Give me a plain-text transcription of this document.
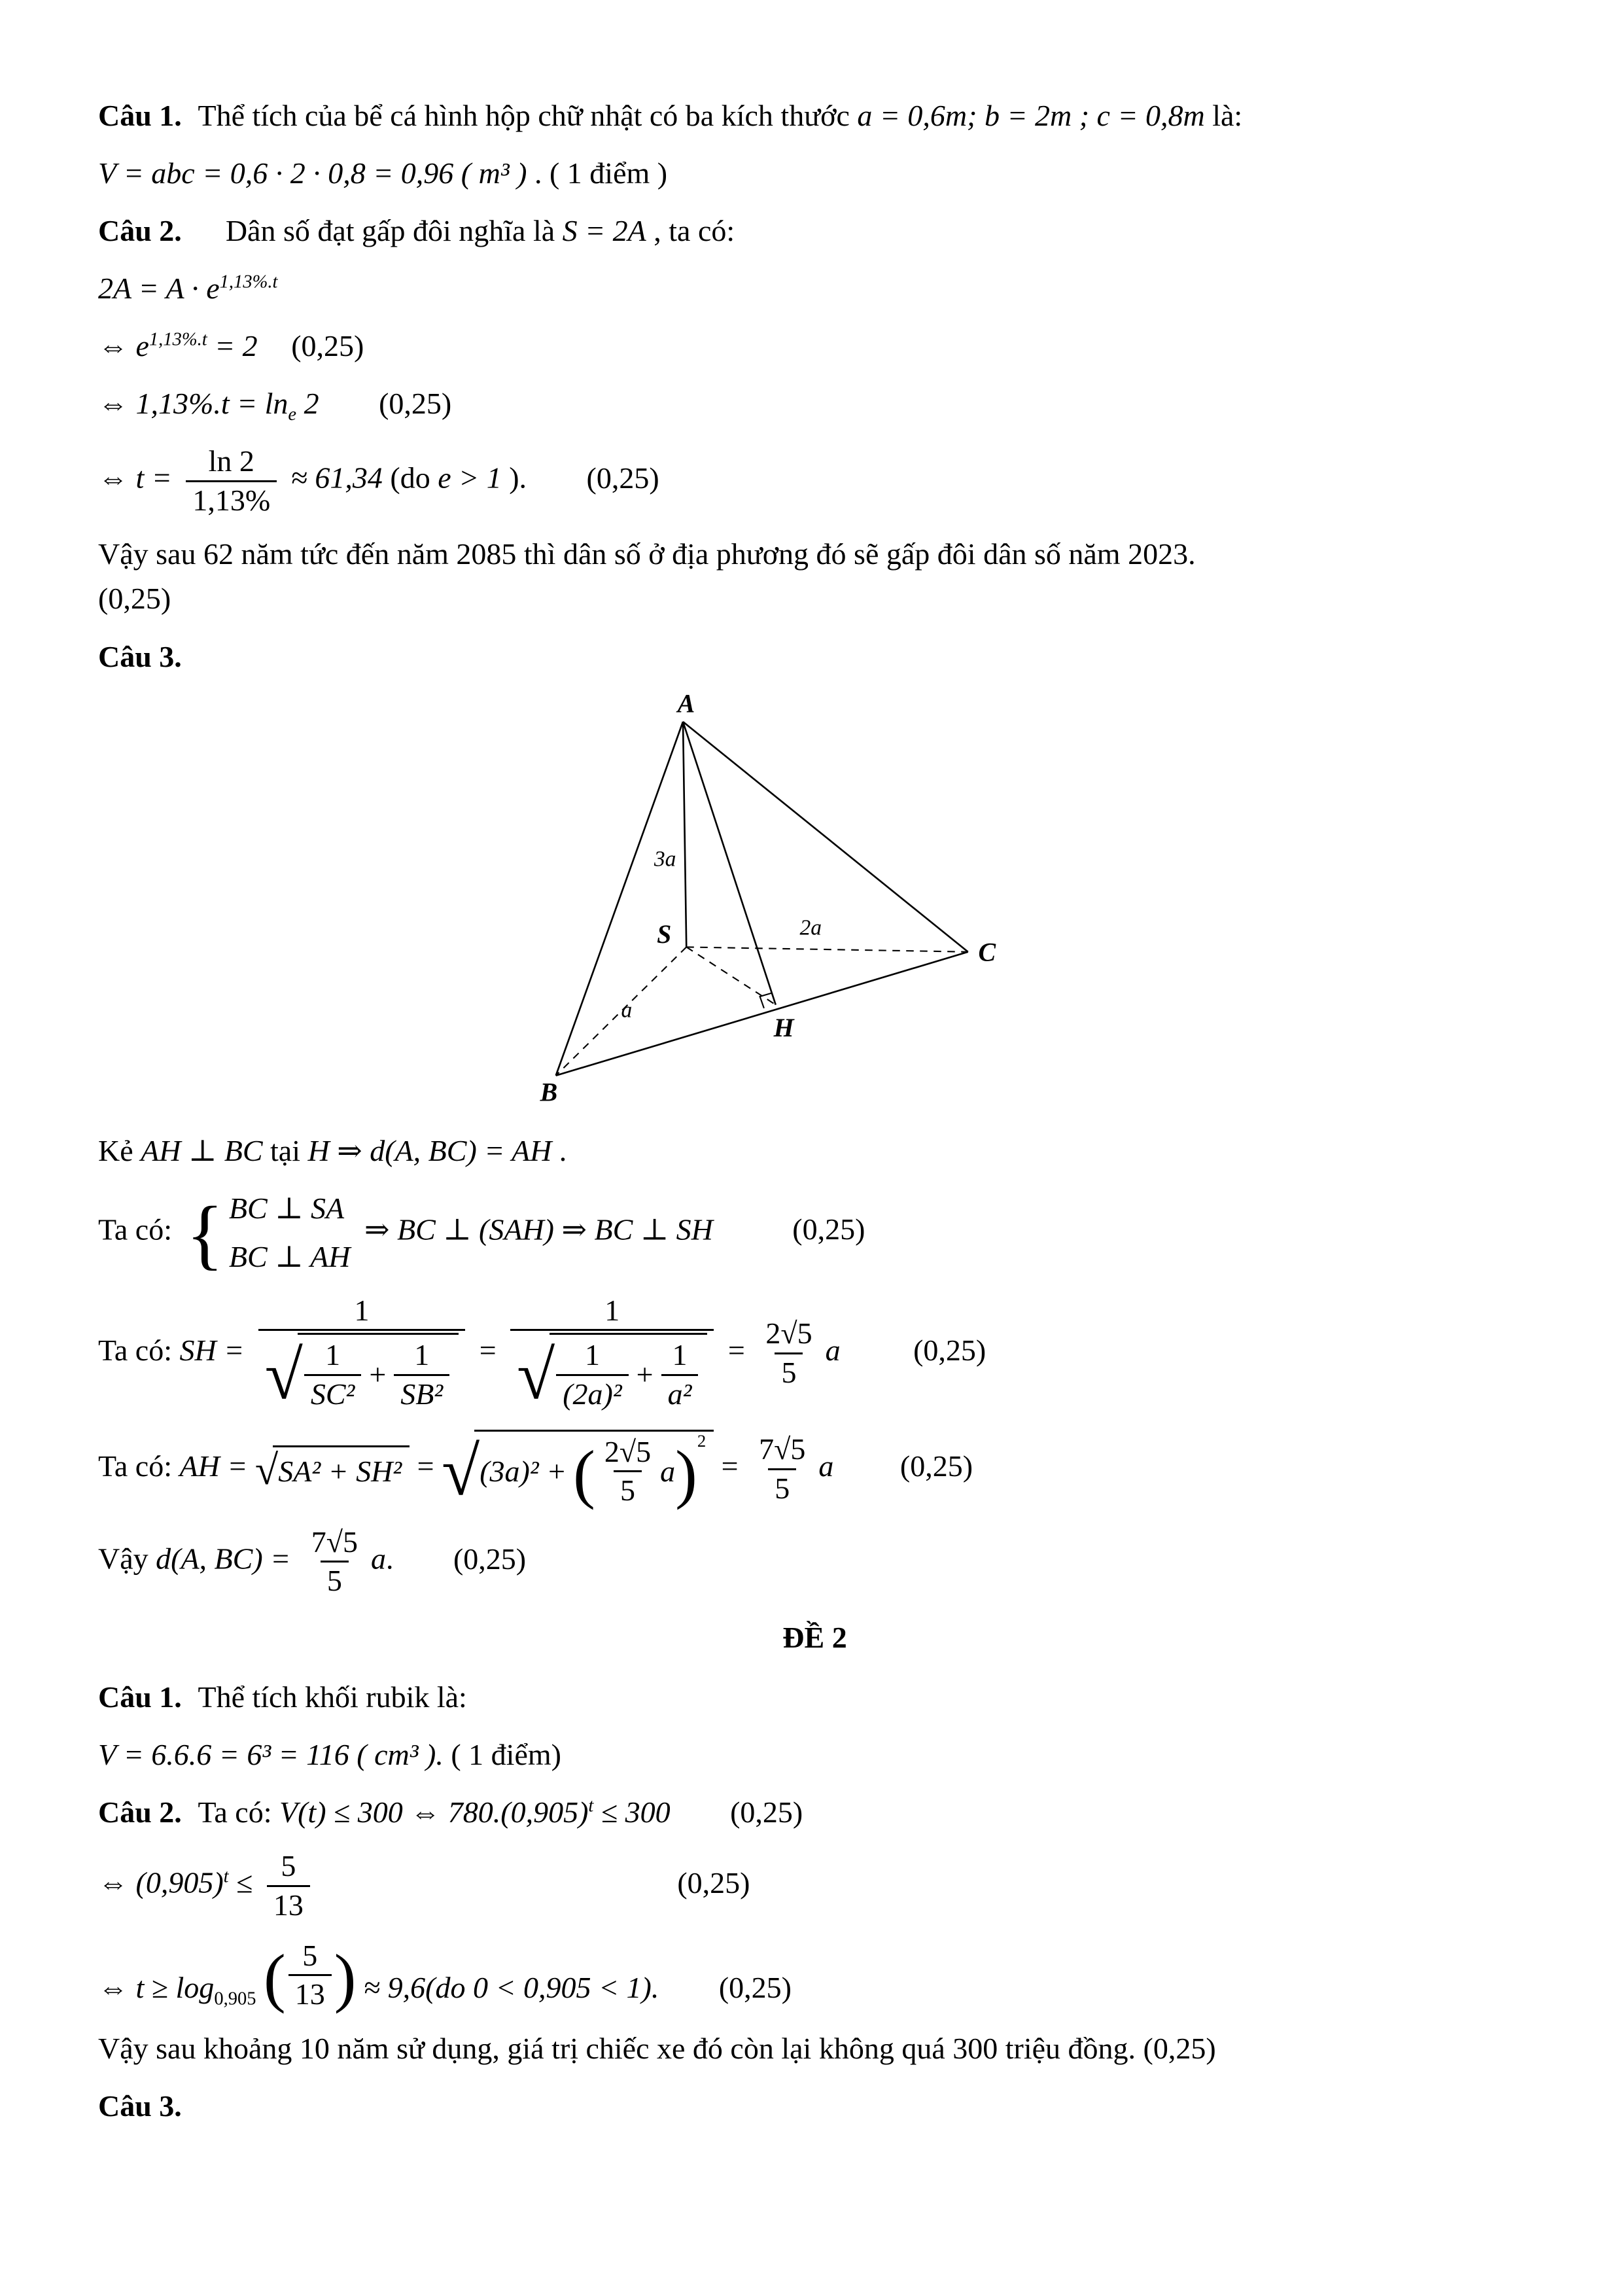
Câu 1. Thể tích của bể cá hình hộp chữ nhật có ba kích thước a = 0,6m; b = 2m ; c = 0,8m là:

V = abc = 0,6 · 2 · 0,8 = 0,96 ( m³ ) . ( 1 điểm )

Câu 2. Dân số đạt gấp đôi nghĩa là S = 2A , ta có:

$2A = A \cdot e^{1,13\%.t}$

⇔ $e^{1,13\%.t} = 2$ (0,25)

⇔ $1,13\%.t = \ln_e 2$ (0,25)

⇔ $t = \frac{\ln 2}{1,13\%} \approx 61,34$ (do e > 1 ). (0,25)

Vậy sau 62 năm tức đến năm 2085 thì dân số ở địa phương đó sẽ gấp đôi dân số năm 2023.

(0,25)

Câu 3.

A
B
C
S
H
3a
2a
a

Kẻ AH ⊥ BC tại H ⇒ d(A, BC) = AH .

Ta có: { BC ⊥ SA
BC ⊥ AH
⇒ BC ⊥ (SAH) ⇒ BC ⊥ SH	(0,25)

Ta có: SH =
1
√ $\frac{1}{\text{SC²}} + \frac{1}{\text{SB²}}$ =
1
√ $\frac{1}{\text{(2a)²}} + \frac{1}{\text{a²}} = \frac{2√5}{5}$ a (0,25)

Ta có: AH = √ SA² + SH² = √ (3a)² + ( $\frac{2√5}{5}$ a )$^2$
= $\frac{7√5}{5}$ a (0,25)

Vậy d(A, $BC) = \frac{7√5}{5} a$. (0,25)

ĐỀ 2

Câu 1. Thể tích khối rubik là:

V = 6.6.6 = 6³ = 116 ( cm³ ). ( 1 điểm)

Câu 2. Ta có: V(t) ≤ 300 ⇔ $780.(0,905)^t \le 300$ (0,25)

⇔ $(0,905)^t \le \frac{5}{13}$	(0,25)

⇔ $t \ge \log_{0,905}$ ( $\frac{5}{13}$ ) ≈ 9,6(do 0 < 0,905 < 1). (0,25)

Vậy sau khoảng 10 năm sử dụng, giá trị chiếc xe đó còn lại không quá 300 triệu đồng. (0,25)

Câu 3.
